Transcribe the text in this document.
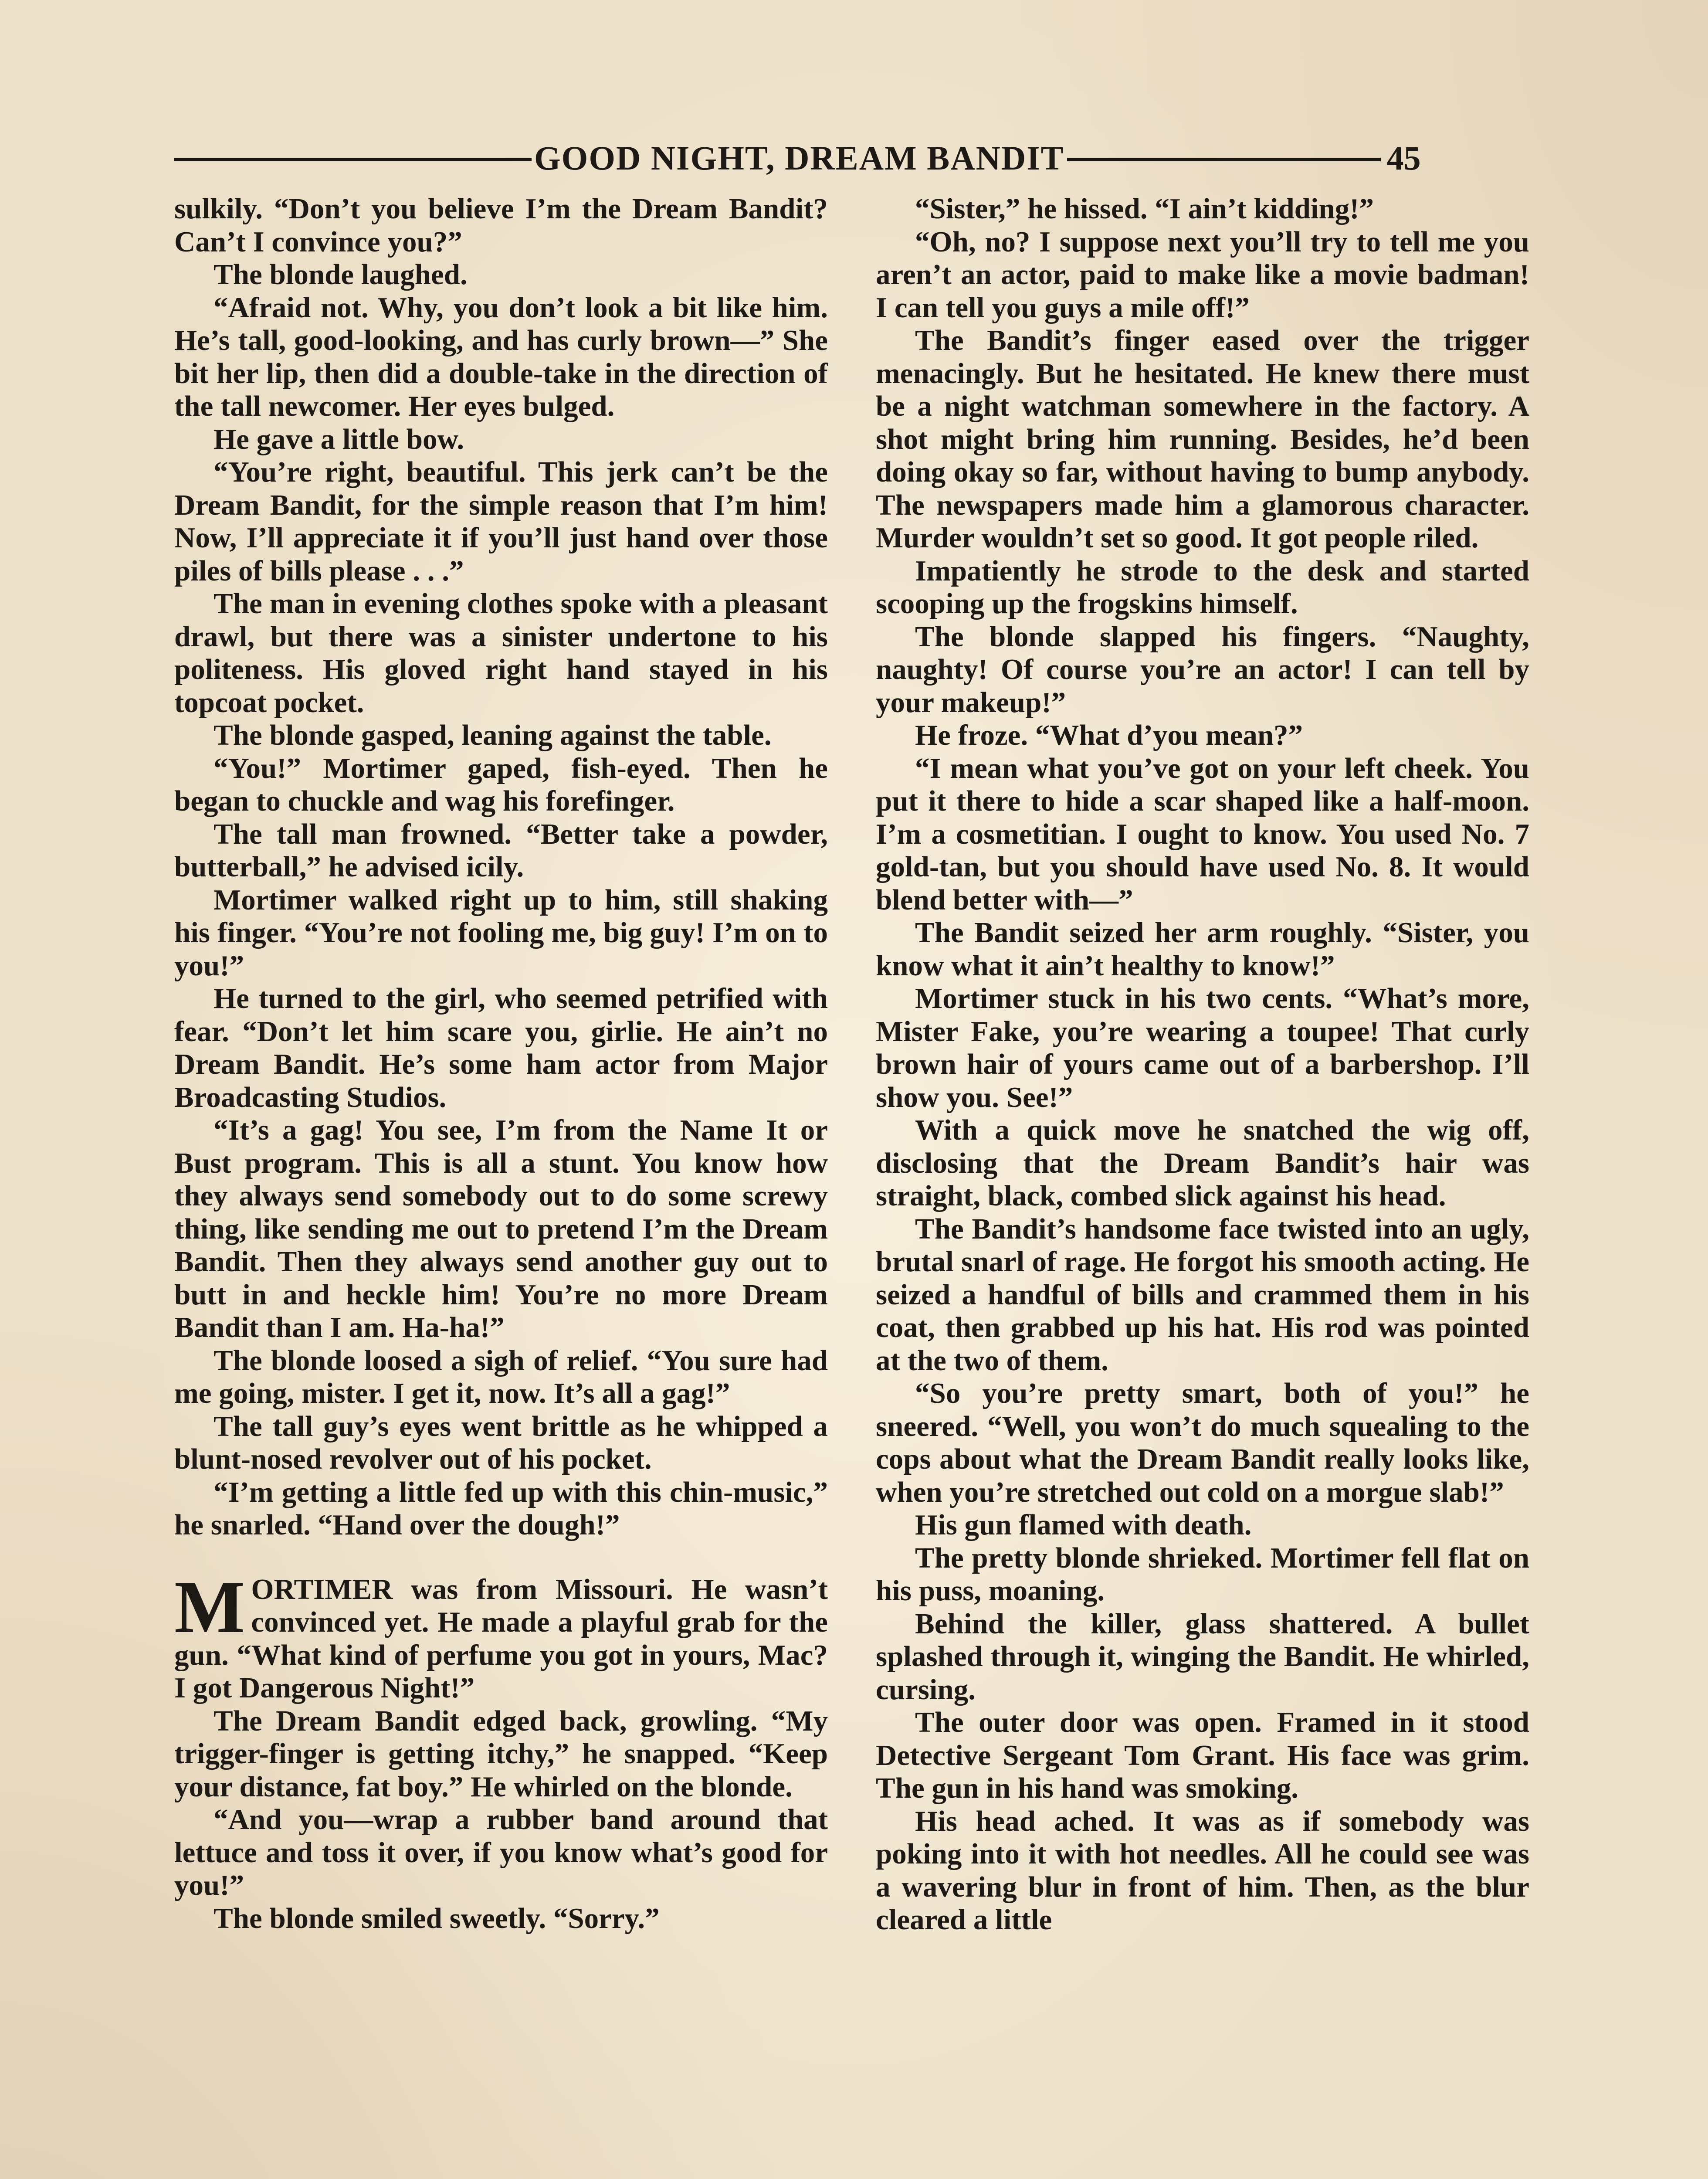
GOOD NIGHT, DREAM BANDIT	45

sulkily. “Don’t you believe I’m the Dream Bandit? Can’t I convince you?”

The blonde laughed.

“Afraid not. Why, you don’t look a bit like him. He’s tall, good-looking, and has curly brown—” She bit her lip, then did a double-take in the direction of the tall newcomer. Her eyes bulged.

He gave a little bow.

“You’re right, beautiful. This jerk can’t be the Dream Bandit, for the simple reason that I’m him! Now, I’ll appreciate it if you’ll just hand over those piles of bills please . . .”

The man in evening clothes spoke with a pleasant drawl, but there was a sinister undertone to his politeness. His gloved right hand stayed in his topcoat pocket.

The blonde gasped, leaning against the table.

“You!” Mortimer gaped, fish-eyed. Then he began to chuckle and wag his forefinger.

The tall man frowned. “Better take a powder, butterball,” he advised icily.

Mortimer walked right up to him, still shaking his finger. “You’re not fooling me, big guy! I’m on to you!”

He turned to the girl, who seemed petrified with fear. “Don’t let him scare you, girlie. He ain’t no Dream Bandit. He’s some ham actor from Major Broadcasting Studios.

“It’s a gag! You see, I’m from the Name It or Bust program. This is all a stunt. You know how they always send somebody out to do some screwy thing, like sending me out to pretend I’m the Dream Bandit. Then they always send another guy out to butt in and heckle him! You’re no more Dream Bandit than I am. Ha-ha!”

The blonde loosed a sigh of relief. “You sure had me going, mister. I get it, now. It’s all a gag!”

The tall guy’s eyes went brittle as he whipped a blunt-nosed revolver out of his pocket.

“I’m getting a little fed up with this chin-music,” he snarled. “Hand over the dough!”

MORTIMER was from Missouri. He wasn’t convinced yet. He made a playful grab for the gun. “What kind of perfume you got in yours, Mac? I got Dangerous Night!”

The Dream Bandit edged back, growling. “My trigger-finger is getting itchy,” he snapped. “Keep your distance, fat boy.” He whirled on the blonde.

“And you—wrap a rubber band around that lettuce and toss it over, if you know what’s good for you!”

The blonde smiled sweetly. “Sorry.”

“Sister,” he hissed. “I ain’t kidding!”

“Oh, no? I suppose next you’ll try to tell me you aren’t an actor, paid to make like a movie badman! I can tell you guys a mile off!”

The Bandit’s finger eased over the trigger menacingly. But he hesitated. He knew there must be a night watchman somewhere in the factory. A shot might bring him running. Besides, he’d been doing okay so far, without having to bump anybody. The newspapers made him a glamorous character. Murder wouldn’t set so good. It got people riled.

Impatiently he strode to the desk and started scooping up the frogskins himself.

The blonde slapped his fingers. “Naughty, naughty! Of course you’re an actor! I can tell by your makeup!”

He froze. “What d’you mean?”

“I mean what you’ve got on your left cheek. You put it there to hide a scar shaped like a half-moon. I’m a cosmetitian. I ought to know. You used No. 7 gold-tan, but you should have used No. 8. It would blend better with—”

The Bandit seized her arm roughly. “Sister, you know what it ain’t healthy to know!”

Mortimer stuck in his two cents. “What’s more, Mister Fake, you’re wearing a toupee! That curly brown hair of yours came out of a barbershop. I’ll show you. See!”

With a quick move he snatched the wig off, disclosing that the Dream Bandit’s hair was straight, black, combed slick against his head.

The Bandit’s handsome face twisted into an ugly, brutal snarl of rage. He forgot his smooth acting. He seized a handful of bills and crammed them in his coat, then grabbed up his hat. His rod was pointed at the two of them.

“So you’re pretty smart, both of you!” he sneered. “Well, you won’t do much squealing to the cops about what the Dream Bandit really looks like, when you’re stretched out cold on a morgue slab!”

His gun flamed with death.

The pretty blonde shrieked. Mortimer fell flat on his puss, moaning.

Behind the killer, glass shattered. A bullet splashed through it, winging the Bandit. He whirled, cursing.

The outer door was open. Framed in it stood Detective Sergeant Tom Grant. His face was grim. The gun in his hand was smoking.

His head ached. It was as if somebody was poking into it with hot needles. All he could see was a wavering blur in front of him. Then, as the blur cleared a little
